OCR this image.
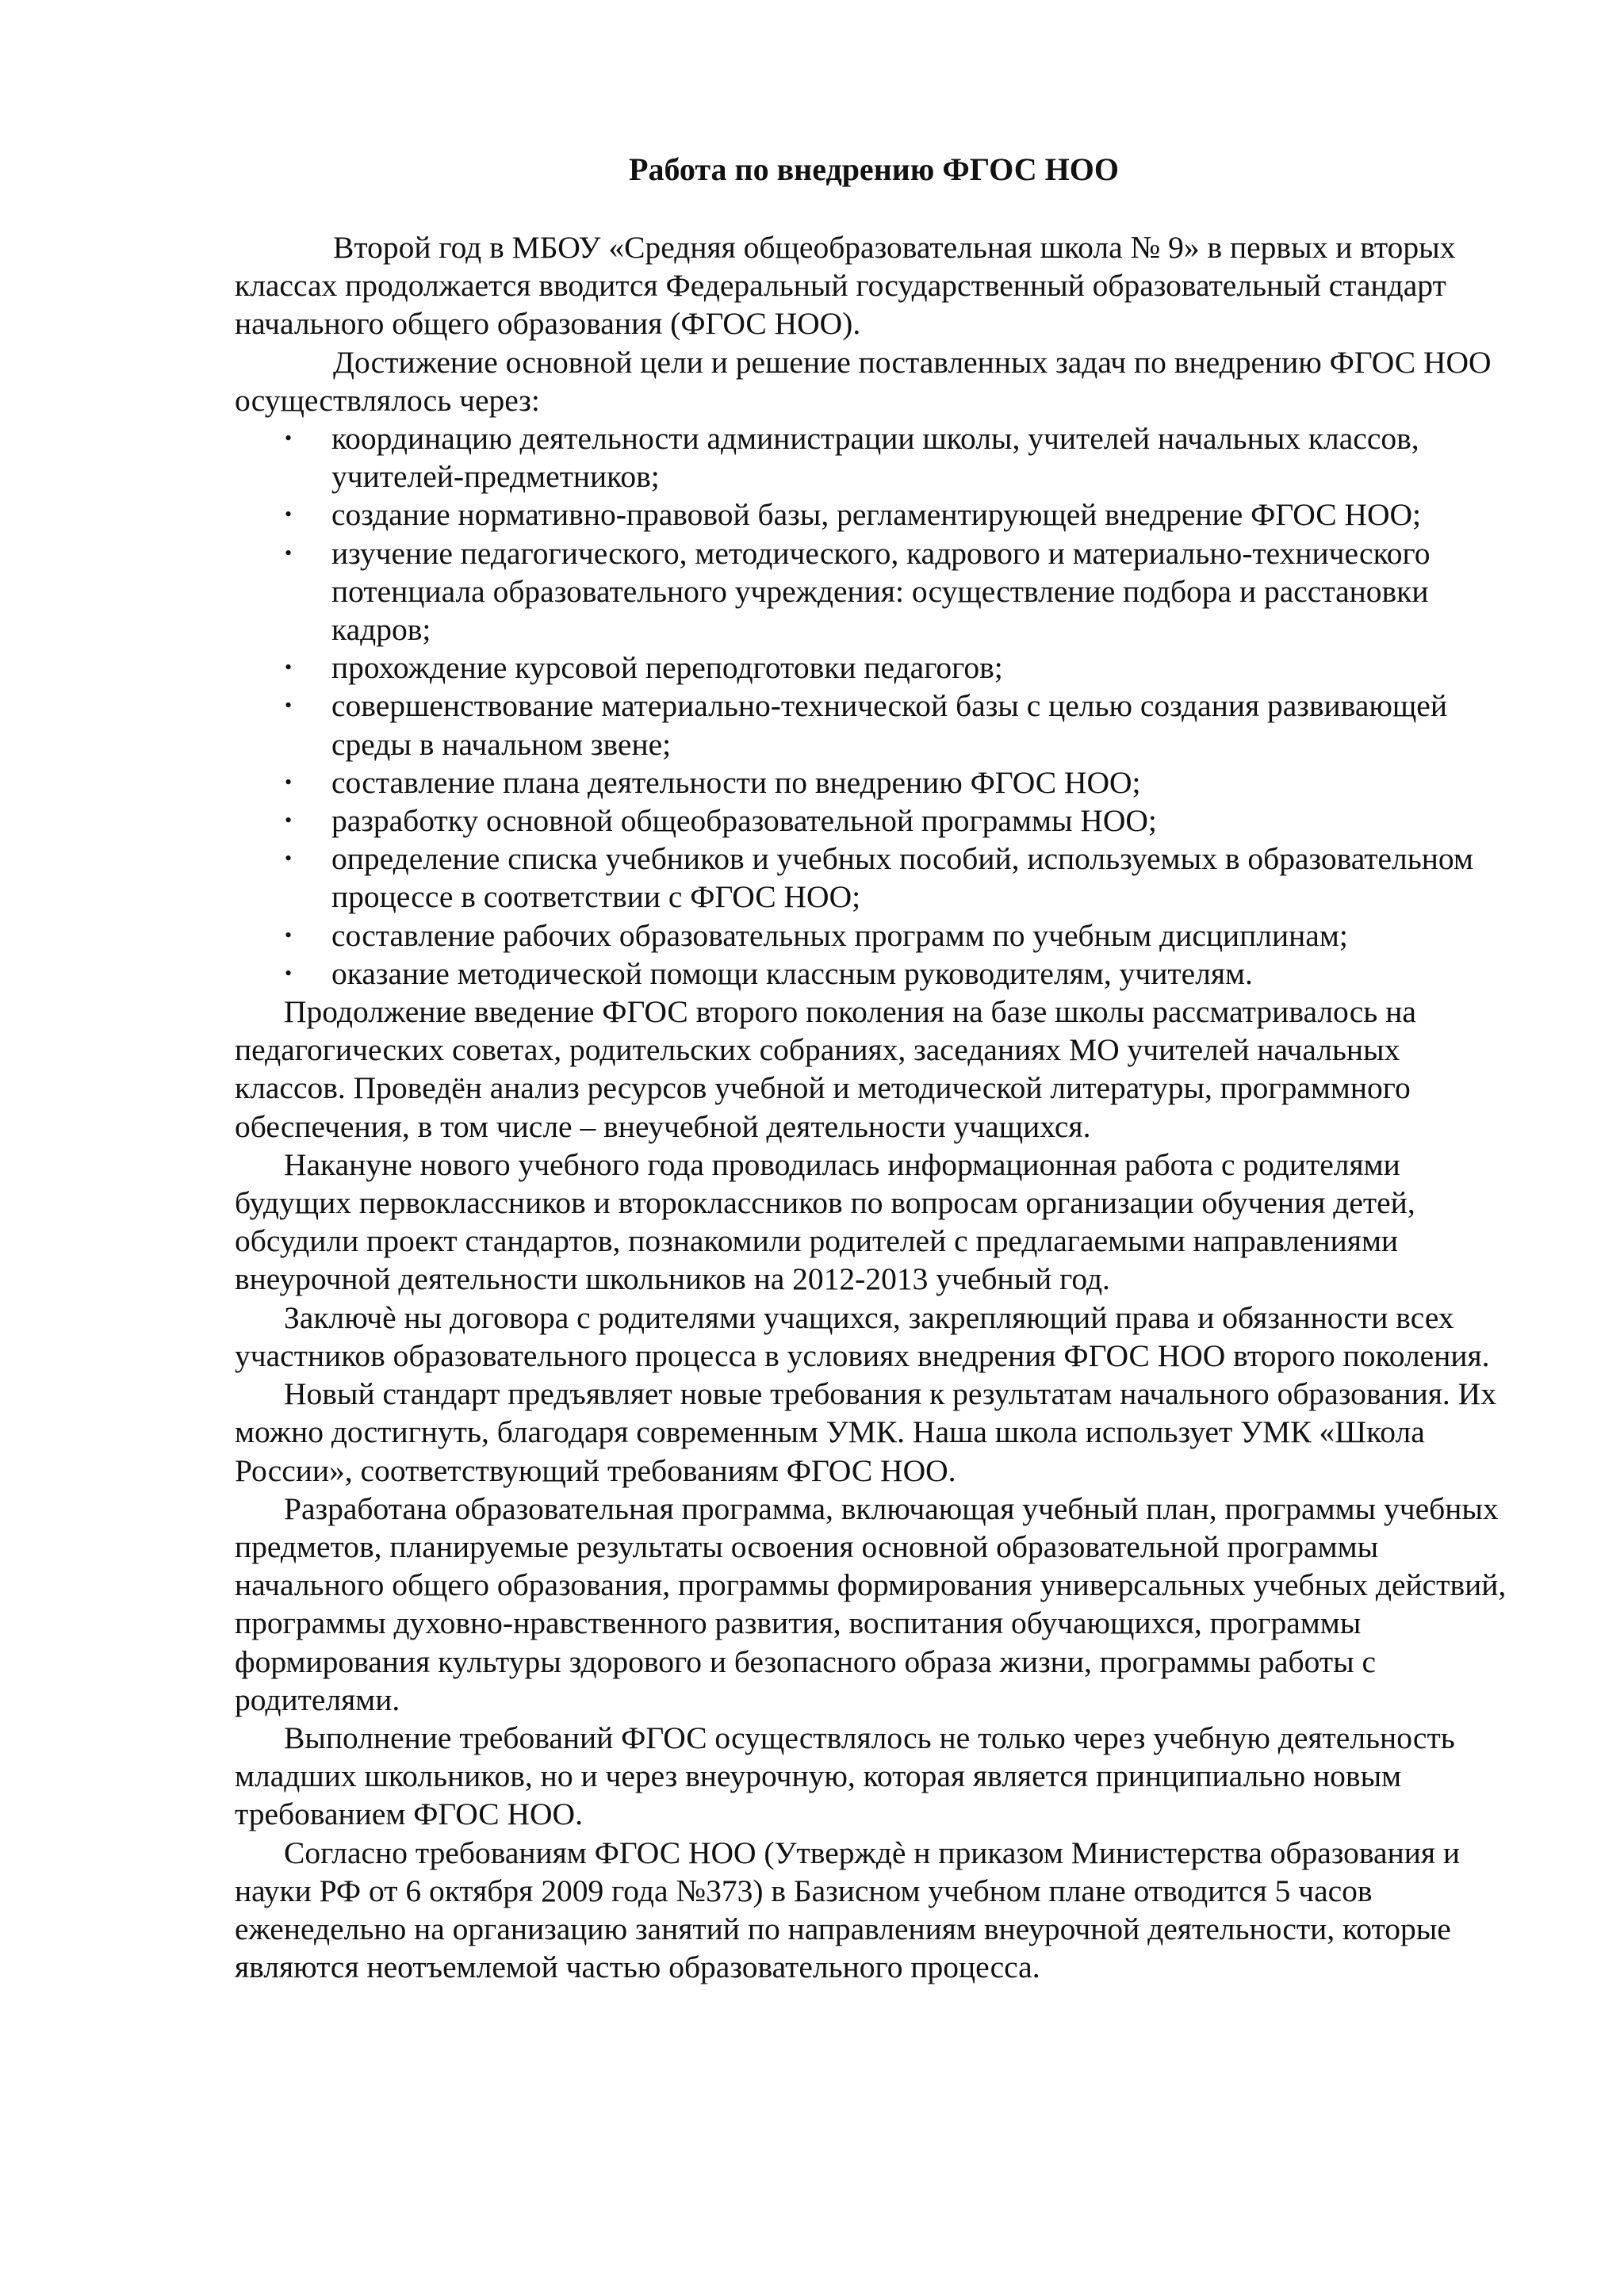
Работа по внедрению ФГОС НОО

Второй год в МБОУ «Средняя общеобразовательная школа № 9» в первых и вторых классах продолжается вводится Федеральный государственный образовательный стандарт начального общего образования (ФГОС НОО).

Достижение основной цели и решение поставленных задач по внедрению ФГОС НОО осуществлялось через:

• координацию деятельности администрации школы, учителей начальных классов, учителей-предметников;
• создание нормативно-правовой базы, регламентирующей внедрение ФГОС НОО;
• изучение педагогического, методического, кадрового и материально-технического потенциала образовательного учреждения: осуществление подбора и расстановки кадров;
• прохождение курсовой переподготовки педагогов;
• совершенствование материально-технической базы с целью создания развивающей среды в начальном звене;
• составление плана деятельности по внедрению ФГОС НОО;
• разработку основной общеобразовательной программы НОО;
• определение списка учебников и учебных пособий, используемых в образовательном процессе в соответствии с ФГОС НОО;
• составление рабочих образовательных программ по учебным дисциплинам;
• оказание методической помощи классным руководителям, учителям.

Продолжение введение ФГОС второго поколения на базе школы рассматривалось на педагогических советах, родительских собраниях, заседаниях МО учителей начальных классов. Проведён анализ ресурсов учебной и методической литературы, программного обеспечения, в том числе – внеучебной деятельности учащихся.

Накануне нового учебного года проводилась информационная работа с родителями будущих первоклассников и второклассников по вопросам организации обучения детей, обсудили проект стандартов, познакомили родителей с предлагаемыми направлениями внеурочной деятельности школьников на 2012-2013 учебный год.

Заключѐ ны договора с родителями учащихся, закрепляющий права и обязанности всех участников образовательного процесса в условиях внедрения ФГОС НОО второго поколения.

Новый стандарт предъявляет новые требования к результатам начального образования. Их можно достигнуть, благодаря современным УМК. Наша школа использует УМК «Школа России», соответствующий требованиям ФГОС НОО.

Разработана образовательная программа, включающая учебный план, программы учебных предметов, планируемые результаты освоения основной образовательной программы начального общего образования, программы формирования универсальных учебных действий, программы духовно-нравственного развития, воспитания обучающихся, программы формирования культуры здорового и безопасного образа жизни, программы работы с родителями.

Выполнение требований ФГОС осуществлялось не только через учебную деятельность младших школьников, но и через внеурочную, которая является принципиально новым требованием ФГОС НОО.

Согласно требованиям ФГОС НОО (Утверждѐ н приказом Министерства образования и науки РФ от 6 октября 2009 года №373) в Базисном учебном плане отводится 5 часов еженедельно на организацию занятий по направлениям внеурочной деятельности, которые являются неотъемлемой частью образовательного процесса.
